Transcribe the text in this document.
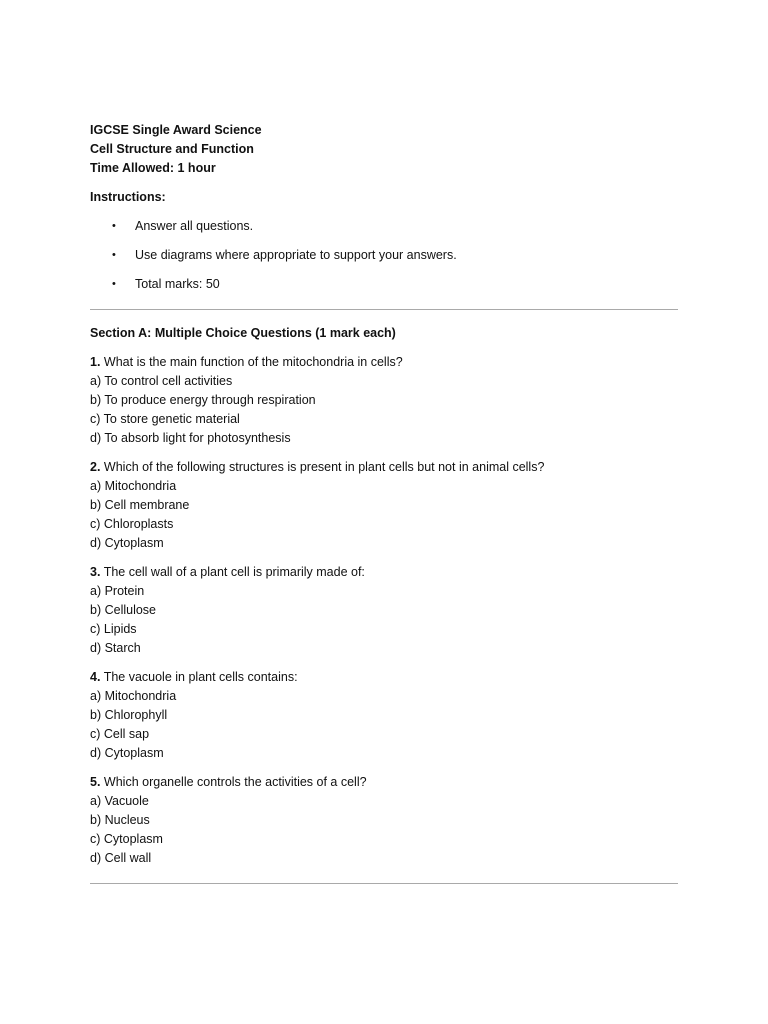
IGCSE Single Award Science
Cell Structure and Function
Time Allowed: 1 hour
Instructions:
• Answer all questions.
• Use diagrams where appropriate to support your answers.
• Total marks: 50
Section A: Multiple Choice Questions (1 mark each)
1. What is the main function of the mitochondria in cells?
a) To control cell activities
b) To produce energy through respiration
c) To store genetic material
d) To absorb light for photosynthesis
2. Which of the following structures is present in plant cells but not in animal cells?
a) Mitochondria
b) Cell membrane
c) Chloroplasts
d) Cytoplasm
3. The cell wall of a plant cell is primarily made of:
a) Protein
b) Cellulose
c) Lipids
d) Starch
4. The vacuole in plant cells contains:
a) Mitochondria
b) Chlorophyll
c) Cell sap
d) Cytoplasm
5. Which organelle controls the activities of a cell?
a) Vacuole
b) Nucleus
c) Cytoplasm
d) Cell wall
